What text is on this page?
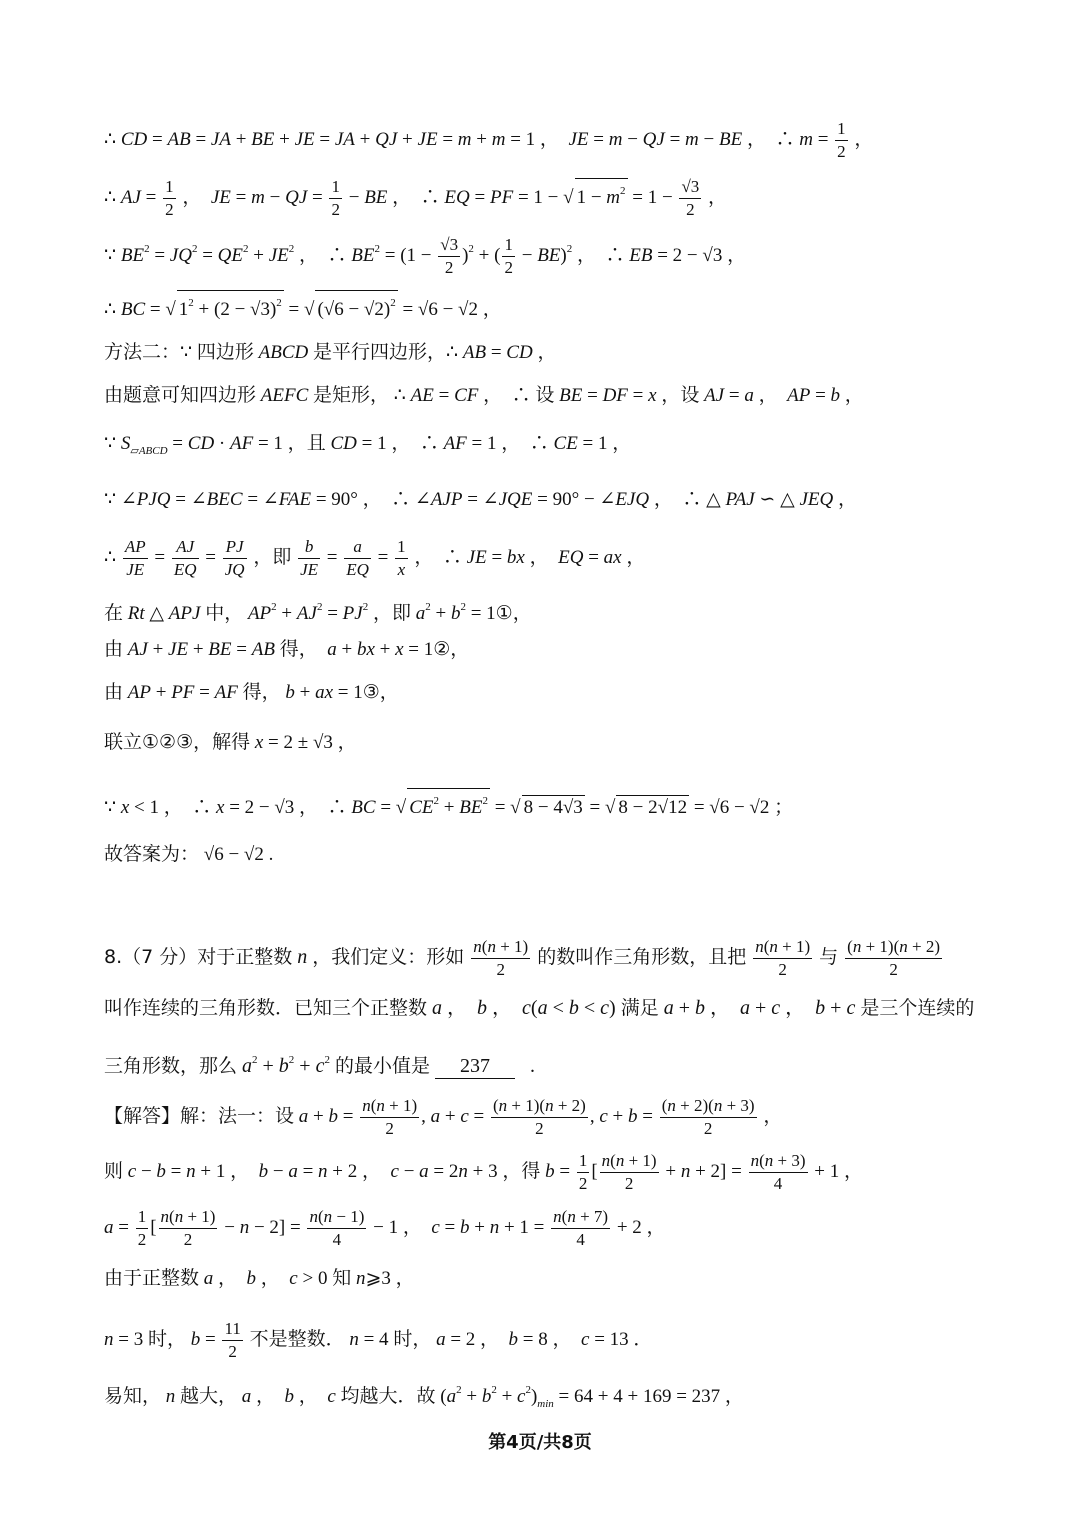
∴ CD = AB = JA + BE + JE = JA + QJ + JE = m + m = 1 ，  JE = m − QJ = m − BE ，  ∴ $m = \frac{1}{2}$ ，
∴ AJ = $\frac{1}{2}$ ，  JE = m − QJ = $\frac{1}{2}$ − BE ，  ∴ EQ = PF = 1 − √ $1 - m^2 = 1 - \frac{√3}{2}$ ，
∵ $BE^2 = JQ^2 = QE^2 + JE^2$ ，  ∴ $BE^2 = (1 - \frac{√3}{2} )^2$ + ( $\frac{1}{2} - BE)^2$ ，  ∴ EB = 2 − √3 ，
∴ BC = √ $1^2 + (2 - √3)^2$ = √ $(√6 - √2)^2 = √6 - √2$ ，
方法二：∵ 四边形 ABCD 是平行四边形，∴ AB = CD ，
由题意可知四边形 AEFC 是矩形， ∴ AE = CF ，  ∴ 设 BE = DF = x ，设 AJ = a ，  AP = b ，
∵ $S_{▱ABCD}$ = CD · AF = 1 ，且 CD = 1 ，  ∴ AF = 1 ，  ∴ CE = 1 ，
∵ ∠PJQ = ∠BEC = ∠FAE = 90° ，  ∴ ∠AJP = ∠JQE = 90° − ∠EJQ ，  ∴ △ PAJ ∽ △ JEQ ，
∴ $\frac{AP}{JE} = \frac{AJ}{EQ} = \frac{PJ}{JQ}$ ，即 $\frac{b}{JE} = \frac{a}{EQ} = \frac{1}{x}$ ，  ∴ JE = bx ，  EQ = ax ，
在 Rt △ APJ 中， $AP^2 + AJ^2 = PJ^2$ ，即 $a^2 + b^2$ = 1①，
由 AJ + JE + BE = AB 得， a + bx + x = 1②，
由 AP + PF = AF 得， b + ax = 1③，
联立①②③，解得 x = 2 ± √3 ，
∵ x < 1 ，  ∴ x = 2 − √3 ，  ∴ BC = √ $CE^2 + BE^2$ = √ 8 − 4√3 = √ 8 − 2√12 = √6 − √2 ；
故答案为： √6 − √2 .
8.（7 分）对于正整数 n ，我们定义：形如 $\frac{n(n + 1)}{2}$ 的数叫作三角形数，且把 $\frac{n(n + 1)}{2}$ 与 $\frac{(n + 1)(n + 2)}{2}$
叫作连续的三角形数．已知三个正整数 a ，  b ，  c(a < b < c) 满足 a + b ，  a + c ，  b + c 是三个连续的
三角形数，那么 $a^2 + b^2 + c^2$ 的最小值是 237   .
【解答】解：法一：设 $a + b = \frac{n(n + 1)}{2}$ , $a + c = \frac{(n + 1)(n + 2)}{2}$ , $c + b = \frac{(n + 2)(n + 3)}{2}$ ，
则 c − b = n + 1 ，  b − a = n + 2 ，  c − a = 2n + 3 ，得 $b = \frac{1}{2}$ [ $\frac{n(n + 1)}{2} + n + 2] = \frac{n(n + 3)}{4} + 1$ ，
$a = \frac{1}{2}$ [ $\frac{n(n + 1)}{2} - n - 2] = \frac{n(n - 1)}{4} - 1$ ，  $c = b + n + 1 = \frac{n(n + 7)}{4} + 2$ ，
由于正整数 a ，  b ，  c > 0 知 n⩾3 ，
n = 3 时， $b = \frac{11}{2}$ 不是整数． n = 4 时， a = 2 ，  b = 8 ，  c = 13 ．
易知， n 越大， a ，  b ，  c 均越大．故 $(a^2 + b^2 + c^2)_{min} = 64 + 4 + 169 = 237$ ，
第4页/共8页
